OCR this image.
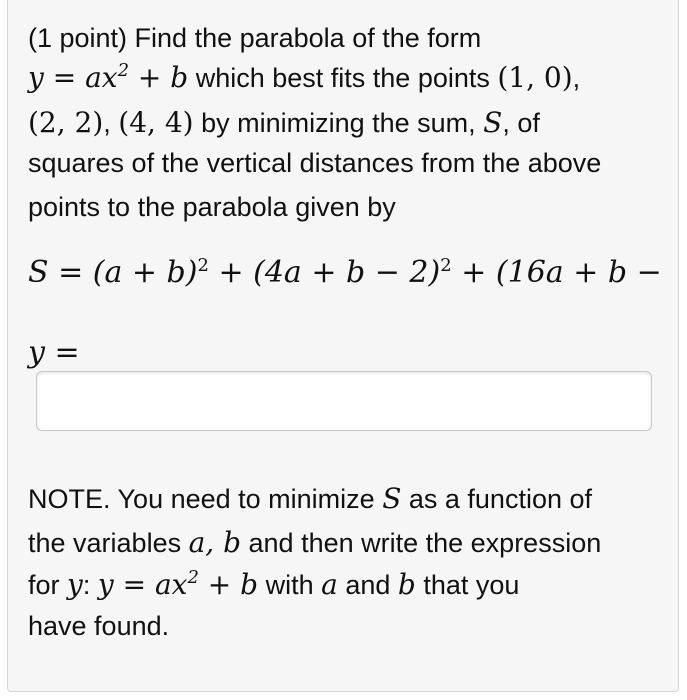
(1 point) Find the parabola of the form
$y = ax^2 + b$ which best fits the points (1, 0),
(2, 2), (4, 4) by minimizing the sum, S, of
squares of the vertical distances from the above
points to the parabola given by
$S = (a + b)^2 + (4a + b - 2)^2 + (16a + b$ −
y =
NOTE. You need to minimize S as a function of
the variables a, b and then write the expression
for y: $y = ax^2 + b$ with a and b that you
have found.
